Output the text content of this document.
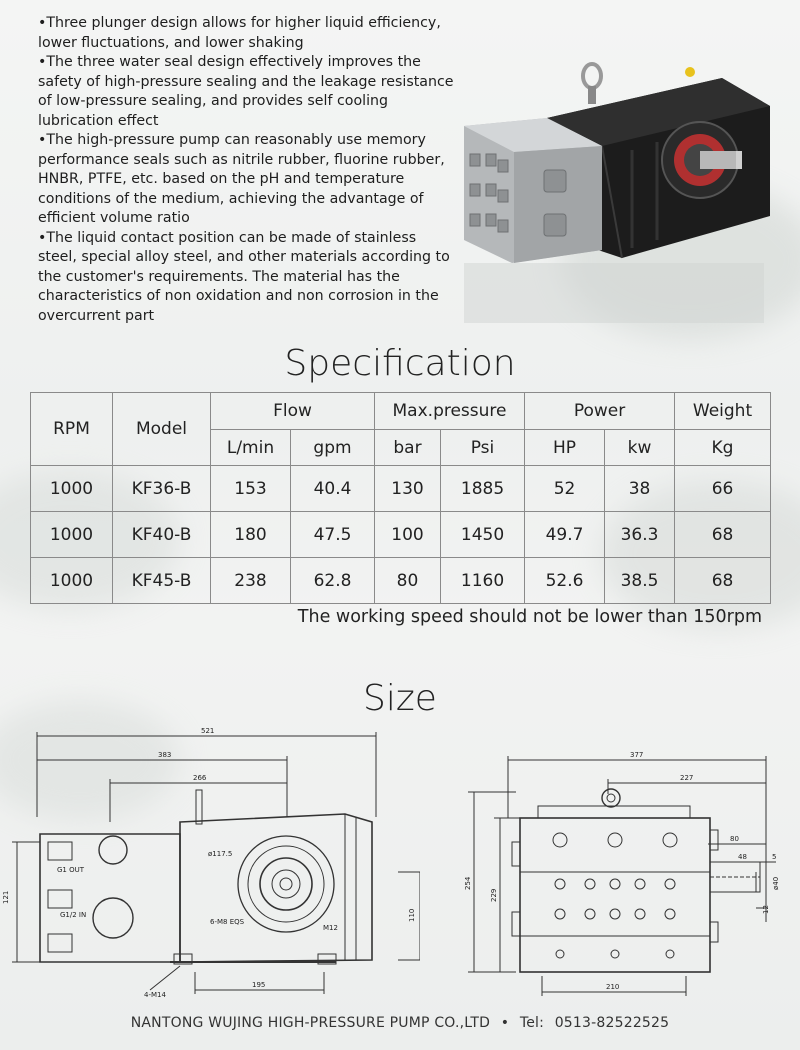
•Three plunger design allows for higher liquid efficiency, lower fluctuations, and lower shaking

•The three water seal design effectively improves the safety of high-pressure sealing and the leakage resistance of low-pressure sealing, and provides self cooling lubrication effect

•The high-pressure pump can reasonably use memory performance seals such as nitrile rubber, fluorine rubber, HNBR, PTFE, etc. based on the pH and temperature conditions of the medium, achieving the advantage of efficient volume ratio

•The liquid contact position can be made of stainless steel, special alloy steel, and other materials according to the customer's requirements. The material has the characteristics of non oxidation and non corrosion in the overcurrent part

Specification
RPM	Model	Flow		Max.pressure		Power		Weight
		L/min	gpm	bar	Psi	HP	kw	Kg
1000	KF36-B	153	40.4	130	1885	52	38	66
1000	KF40-B	180	47.5	100	1450	49.7	36.3	68
1000	KF45-B	238	62.8	80	1160	52.6	38.5	68
The working speed should not be lower than 150rpm
Size
521
383
266
195
121
110
G1 OUT
G1/2 IN
ø117.5
6-M8 EQS
M12
4-M14
377
227
80
48	5
254
229
ø40
12
210
NANTONG WUJING HIGH-PRESSURE PUMP CO.,LTD • Tel: 0513-82522525
